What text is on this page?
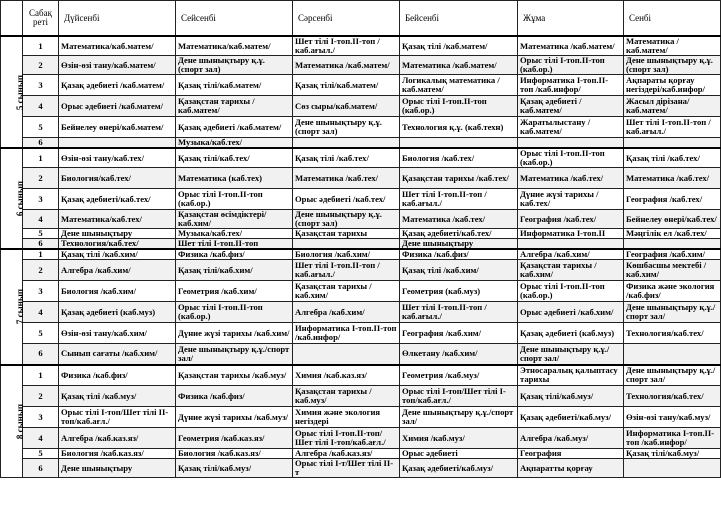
	Сабақ реті	Дүйсенбі	Сейсенбі	Сәрсенбі	Бейсенбі	Жұма	Сенбі
5 сынып	1	Математика/каб.матем/	Математика/каб.матем/	Шет тілі І-топ.ІІ-топ /каб.ағыл./	Қазақ тілі /каб.матем/	Математика /каб.матем/	Математика /каб.матем/
	2	Өзін-өзі тану/каб.матем/	Дене шынықтыру қ.ұ. (спорт зал)	Математика /каб.матем/	Математика /каб.матем/	Орыс тілі І-топ.ІІ-топ (каб.ор.)	Дене шынықтыру қ.ұ.(спорт зал)
	3	Қазақ әдебиеті /каб.матем/	Қазақ тілі/каб.матем/	Қазақ тілі/каб.матем/	Логикалық математика /каб.матем/	Информатика І-топ.ІІ-топ /каб.инфор/	Ақпараты қорғау негіздері/каб.инфор/
	4	Орыс әдебиеті /каб.матем/	Қазақстан тарихы /каб.матем/	Сөз сыры/каб.матем/	Орыс тілі І-топ.ІІ-топ (каб.ор.)	Қазақ әдебиеті /каб.матем/	Жасыл дірізана/каб.матем/
	5	Бейнелеу өнері/каб.матем/	Қазақ әдебиеті /каб.матем/	Дене шынықтыру қ.ұ.(спорт зал)	Технология қ.ұ. (каб.техн)	Жаратылыстану /каб.матем/	Шет тілі І-топ.ІІ-топ /каб.ағыл./
	6		Музыка/каб.тех/				
6 сынып	1	Өзін-өзі тану/каб.тех/	Қазақ тілі/каб.тех/	Қазақ тілі /каб.тех/	Биология /каб.тех/	Орыс тілі І-топ.ІІ-топ (каб.ор.)	Қазақ тілі /каб.тех/
	2	Биология/каб.тех/	Математика (каб.тех)	Математика /каб.тех/	Қазақстан тарихы /каб.тех/	Математика /каб.тех/	Математика /каб.тех/
	3	Қазақ әдебиеті/каб.тех/	Орыс тілі І-топ.ІІ-топ (каб.ор.)	Орыс әдебиеті /каб.тех/	Шет тілі І-топ.ІІ-топ /каб.ағыл./	Дүние жүзі тарихы /каб.тех/	География /каб.тех/
	4	Математика/каб.тех/	Қазақстан өсімдіктері/каб.хим/	Дене шынықтыру қ.ұ.(спорт зал)	Математика /каб.тех/	География /каб.тех/	Бейнелеу өнері/каб.тех/
	5	Дене шынықтыру	Музыка/каб.тех/	Қазақстан тарихы	Қазақ әдебиеті/каб.тех/	Информатика І-топ.ІІ	Мәңгілік ел /каб.тех/
	6	Технология/каб.тех/	Шет тілі І-топ.ІІ-топ		Дене шынықтыру		
7 сынып	1	Қазақ тілі /каб.хим/	Физика /каб.физ/	Биология /каб.хим/	Физика /каб.физ/	Алгебра /каб.хим/	География /каб.хим/
	2	Алгебра /каб.хим/	Қазақ тілі/каб.хим/	Шет тілі І-топ.ІІ-топ /каб.ағыл./	Қазақ тілі /каб.хим/	Қазақстан тарихы /каб.хим/	Көшбасшы мектебі /каб.хим/
	3	Биология /каб.хим/	Геометрия /каб.хим/	Қазақстан тарихы /каб.хим/	Геометрия (каб.муз)	Орыс тілі І-топ.ІІ-топ (каб.ор.)	Физика және экология /каб.физ/
	4	Қазақ әдебиеті (каб.муз)	Орыс тілі І-топ.ІІ-топ (каб.ор.)	Алгебра /каб.хим/	Шет тілі І-топ.ІІ-топ /каб.ағыл./	Орыс әдебиеті /каб.хим/	Дене шынықтыру қ.ұ./спорт зал/
	5	Өзін-өзі тану/каб.хим/	Дүние жүзі тарихы /каб.хим/	Информатика І-топ.ІІ-топ /каб.инфор/	География /каб.хим/	Қазақ әдебиеті (каб.муз)	Технология/каб.тех/
	6	Сынып сағаты /каб.хим/	Дене шынықтыру қ.ұ./спорт зал/		Өлкетану /каб.хим/	Дене шынықтыру қ.ұ./спорт зал/	
8 сынып	1	Физика /каб.физ/	Қазақстан тарихы /каб.муз/	Химия /каб.каз.яз/	Геометрия /каб.муз/	Этносаралық қалыптасу тарихы	Дене шынықтыру қ.ұ./спорт зал/
	2	Қазақ тілі /каб.муз/	Физика /каб.физ/	Қазақстан тарихы /каб.муз/	Орыс тілі І-топ/Шет тілі І-топ/каб.ағл./	Қазақ тілі/каб.муз/	Технология/каб.тех/
	3	Орыс тілі І-топ/Шет тілі ІІ-топ/каб.ағл./	Дүние жүзі тарихы /каб.муз/	Химия және экология негіздері	Дене шынықтыру қ.ұ./спорт зал/	Қазақ әдебиеті/каб.муз/	Өзін-өзі тану/каб.муз/
	4	Алгебра /каб.каз.яз/	Геометрия /каб.каз.яз/	Орыс тілі І-топ.ІІ-топ/Шет тілі І-топ/каб.ағл./	Химия /каб.муз/	Алгебра /каб.муз/	Информатика І-топ.ІІ-топ /каб.инфор/
	5	Биология /каб.каз.яз/	Биология /каб.каз.яз/	Алгебра /каб.каз.яз/	Орыс әдебиеті	География	Қазақ тілі/каб.муз/
	6	Дене шынықтыру	Қазақ тілі/каб.муз/	Орыс тілі І-т/Шет тілі ІІ-т	Қазақ әдебиеті/каб.муз/	Ақпаратты қорғау	
